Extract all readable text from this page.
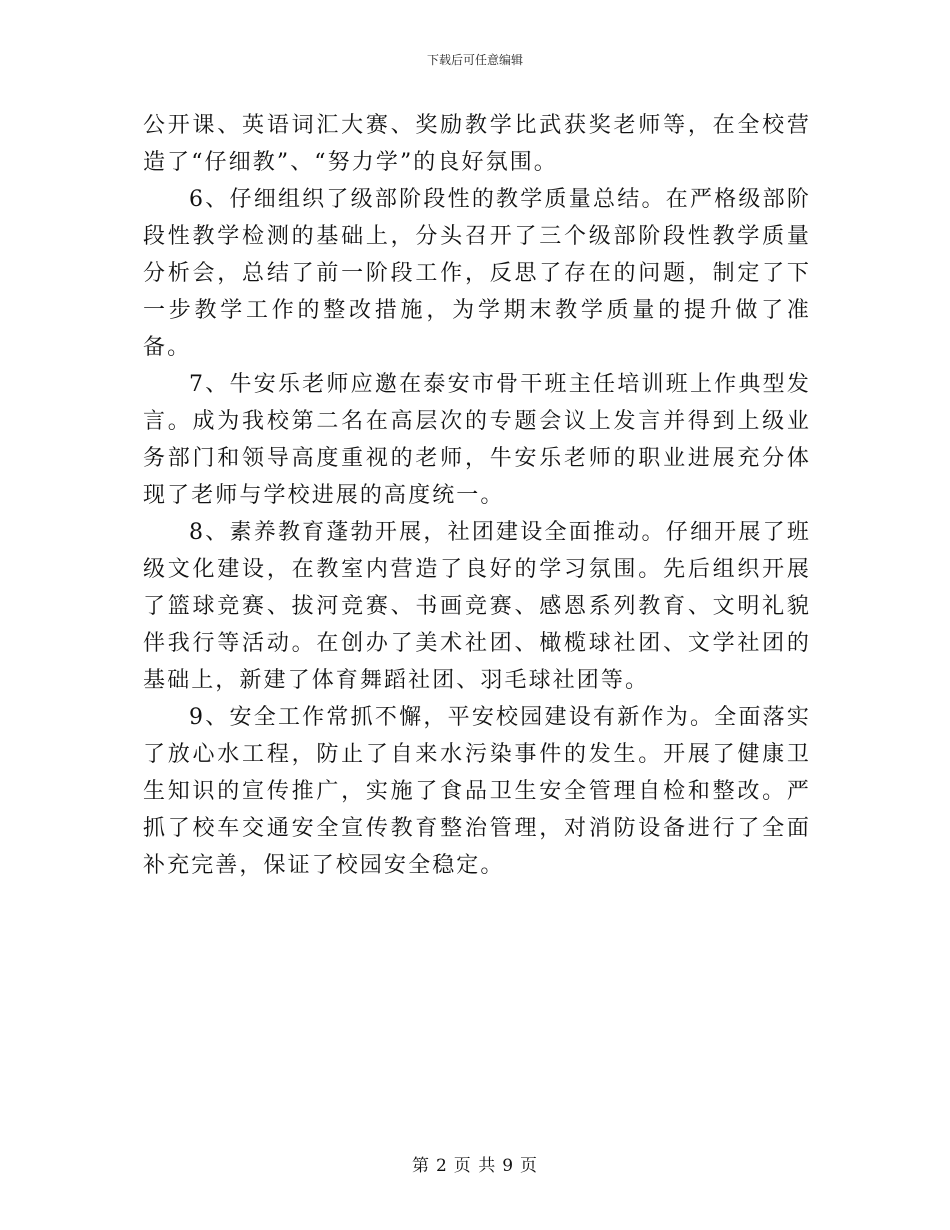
下载后可任意编辑

公开课、英语词汇大赛、奖励教学比武获奖老师等，在全校营造了“仔细教”、“努力学”的良好氛围。

6、仔细组织了级部阶段性的教学质量总结。在严格级部阶段性教学检测的基础上，分头召开了三个级部阶段性教学质量分析会，总结了前一阶段工作，反思了存在的问题，制定了下一步教学工作的整改措施，为学期末教学质量的提升做了准备。

7、牛安乐老师应邀在泰安市骨干班主任培训班上作典型发言。成为我校第二名在高层次的专题会议上发言并得到上级业务部门和领导高度重视的老师，牛安乐老师的职业进展充分体现了老师与学校进展的高度统一。

8、素养教育蓬勃开展，社团建设全面推动。仔细开展了班级文化建设，在教室内营造了良好的学习氛围。先后组织开展了篮球竞赛、拔河竞赛、书画竞赛、感恩系列教育、文明礼貌伴我行等活动。在创办了美术社团、橄榄球社团、文学社团的基础上，新建了体育舞蹈社团、羽毛球社团等。

9、安全工作常抓不懈，平安校园建设有新作为。全面落实了放心水工程，防止了自来水污染事件的发生。开展了健康卫生知识的宣传推广，实施了食品卫生安全管理自检和整改。严抓了校车交通安全宣传教育整治管理，对消防设备进行了全面补充完善，保证了校园安全稳定。

第 2 页 共 9 页
